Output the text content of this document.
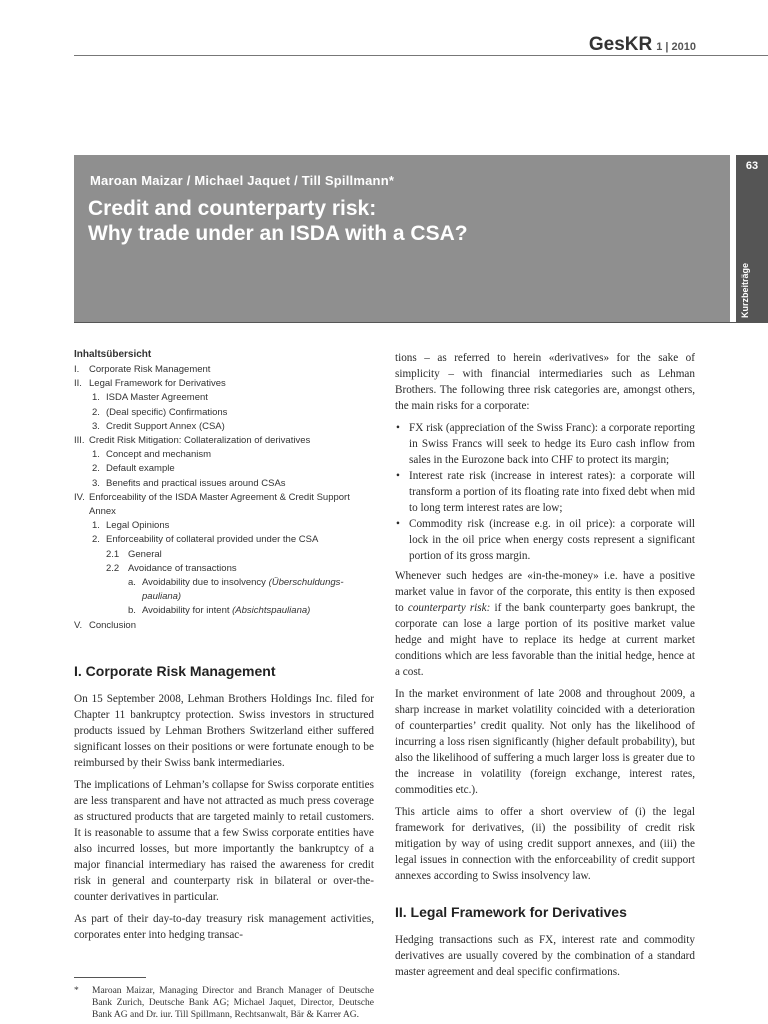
GesKR 1 | 2010
Maroan Maizar / Michael Jaquet / Till Spillmann*
Credit and counterparty risk:
Why trade under an ISDA with a CSA?
63
Kurzbeiträge
Inhaltsübersicht
I.	Corporate Risk Management
II. Legal Framework for Derivatives
1. ISDA Master Agreement
2. (Deal specific) Confirmations
3. Credit Support Annex (CSA)
III. Credit Risk Mitigation: Collateralization of derivatives
1. Concept and mechanism
2. Default example
3. Benefits and practical issues around CSAs
IV. Enforceability of the ISDA Master Agreement & Credit Support Annex
1. Legal Opinions
2. Enforceability of collateral provided under the CSA
2.1 General
2.2 Avoidance of transactions
a. Avoidability due to insolvency (Überschuldungs-pauliana)
b. Avoidability for intent (Absichtspauliana)
V. Conclusion
I. Corporate Risk Management

On 15 September 2008, Lehman Brothers Holdings Inc. filed for Chapter 11 bankruptcy protection. Swiss investors in structured products issued by Lehman Brothers Switzerland either suffered significant losses on their positions or were fortunate enough to be reimbursed by their Swiss bank intermediaries.

The implications of Lehman’s collapse for Swiss corporate entities are less transparent and have not attracted as much press coverage as structured products that are targeted mainly to retail customers. It is reasonable to assume that a few Swiss corporate entities have also incurred losses, but more importantly the bankruptcy of a major financial intermediary has raised the awareness for credit risk in general and counterparty risk in bilateral or over-the-counter derivatives in particular.

As part of their day-to-day treasury risk management activities, corporates enter into hedging transac-

*	Maroan Maizar, Managing Director and Branch Manager of Deutsche Bank Zurich, Deutsche Bank AG; Michael Jaquet, Director, Deutsche Bank AG and Dr. iur. Till Spillmann, Rechtsanwalt, Bär & Karrer AG.

tions – as referred to herein «derivatives» for the sake of simplicity – with financial intermediaries such as Lehman Brothers. The following three risk categories are, amongst others, the main risks for a corporate:

• FX risk (appreciation of the Swiss Franc): a corporate reporting in Swiss Francs will seek to hedge its Euro cash inflow from sales in the Eurozone back into CHF to protect its margin;
• Interest rate risk (increase in interest rates): a corporate will transform a portion of its floating rate into fixed debt when mid to long term interest rates are low;
• Commodity risk (increase e.g. in oil price): a corporate will lock in the oil price when energy costs represent a significant portion of its gross margin.

Whenever such hedges are «in-the-money» i.e. have a positive market value in favor of the corporate, this entity is then exposed to counterparty risk: if the bank counterparty goes bankrupt, the corporate can lose a large portion of its positive market value hedge and might have to replace its hedge at current market conditions which are less favorable than the initial hedge, hence at a cost.

In the market environment of late 2008 and throughout 2009, a sharp increase in market volatility coincided with a deterioration of counterparties’ credit quality. Not only has the likelihood of incurring a loss risen significantly (higher default probability), but also the likelihood of suffering a much larger loss is greater due to the increase in volatility (foreign exchange, interest rates, commodities etc.).

This article aims to offer a short overview of (i) the legal framework for derivatives, (ii) the possibility of credit risk mitigation by way of using credit support annexes, and (iii) the legal issues in connection with the enforceability of credit support annexes according to Swiss insolvency law.

II. Legal Framework for Derivatives

Hedging transactions such as FX, interest rate and commodity derivatives are usually covered by the combination of a standard master agreement and deal specific confirmations.
